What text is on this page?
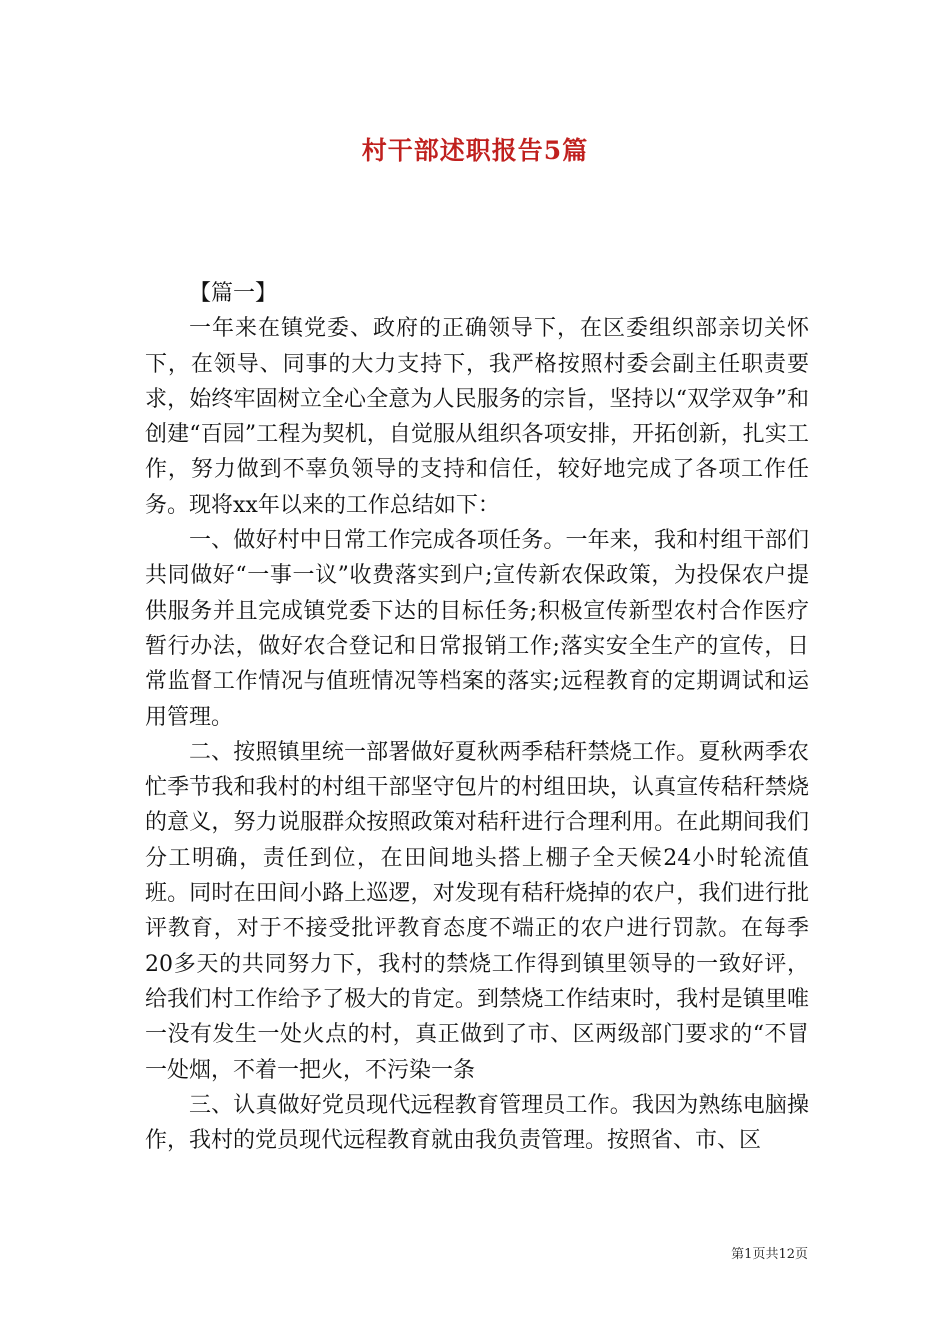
村干部述职报告5篇

【篇一】

一年来在镇党委、政府的正确领导下，在区委组织部亲切关怀下，在领导、同事的大力支持下，我严格按照村委会副主任职责要求，始终牢固树立全心全意为人民服务的宗旨，坚持以“双学双争”和创建“百园”工程为契机，自觉服从组织各项安排，开拓创新，扎实工作，努力做到不辜负领导的支持和信任，较好地完成了各项工作任务。现将xx年以来的工作总结如下：

一、做好村中日常工作完成各项任务。一年来，我和村组干部们共同做好“一事一议”收费落实到户;宣传新农保政策，为投保农户提供服务并且完成镇党委下达的目标任务;积极宣传新型农村合作医疗暂行办法，做好农合登记和日常报销工作;落实安全生产的宣传，日常监督工作情况与值班情况等档案的落实;远程教育的定期调试和运用管理。

二、按照镇里统一部署做好夏秋两季秸秆禁烧工作。夏秋两季农忙季节我和我村的村组干部坚守包片的村组田块，认真宣传秸秆禁烧的意义，努力说服群众按照政策对秸秆进行合理利用。在此期间我们分工明确，责任到位，在田间地头搭上棚子全天候24小时轮流值班。同时在田间小路上巡逻，对发现有秸秆烧掉的农户，我们进行批评教育，对于不接受批评教育态度不端正的农户进行罚款。在每季20多天的共同努力下，我村的禁烧工作得到镇里领导的一致好评，给我们村工作给予了极大的肯定。到禁烧工作结束时，我村是镇里唯一没有发生一处火点的村，真正做到了市、区两级部门要求的“不冒一处烟，不着一把火，不污染一条

三、认真做好党员现代远程教育管理员工作。我因为熟练电脑操作，我村的党员现代远程教育就由我负责管理。按照省、市、区

第1页共12页
